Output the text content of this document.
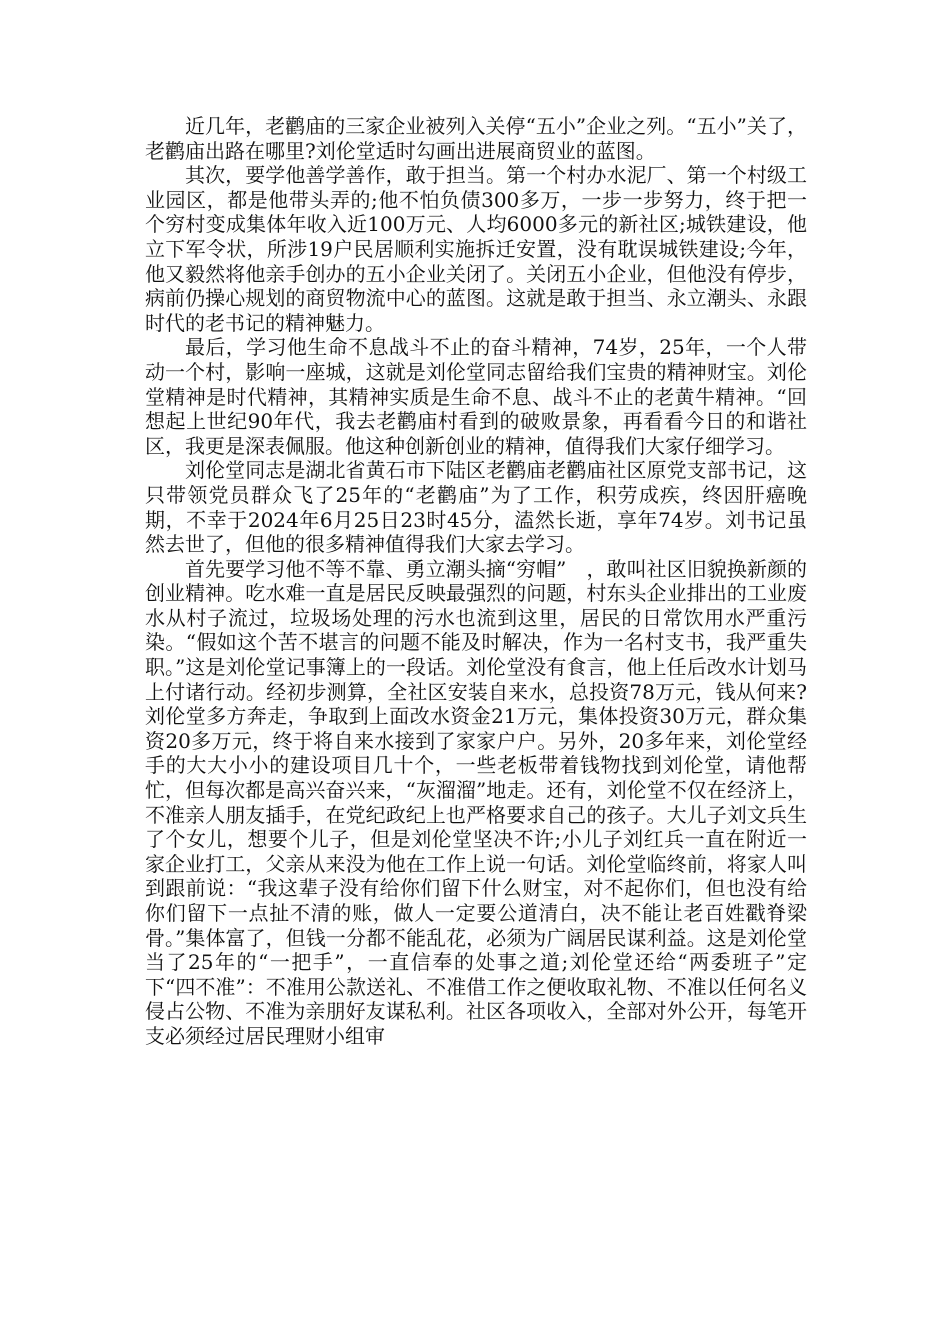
近几年，老鹳庙的三家企业被列入关停“五小”企业之列。“五小”关了，老鹳庙出路在哪里?刘伦堂适时勾画出进展商贸业的蓝图。

其次，要学他善学善作，敢于担当。第一个村办水泥厂、第一个村级工业园区，都是他带头弄的;他不怕负债300多万，一步一步努力，终于把一个穷村变成集体年收入近100万元、人均6000多元的新社区;城铁建设，他立下军令状，所涉19户民居顺利实施拆迁安置，没有耽误城铁建设;今年，他又毅然将他亲手创办的五小企业关闭了。关闭五小企业，但他没有停步，病前仍操心规划的商贸物流中心的蓝图。这就是敢于担当、永立潮头、永跟时代的老书记的精神魅力。

最后，学习他生命不息战斗不止的奋斗精神，74岁，25年，一个人带动一个村，影响一座城，这就是刘伦堂同志留给我们宝贵的精神财宝。刘伦堂精神是时代精神，其精神实质是生命不息、战斗不止的老黄牛精神。“回想起上世纪90年代，我去老鹳庙村看到的破败景象，再看看今日的和谐社区，我更是深表佩服。他这种创新创业的精神，值得我们大家仔细学习。

刘伦堂同志是湖北省黄石市下陆区老鹳庙老鹳庙社区原党支部书记，这只带领党员群众飞了25年的“老鹳庙”为了工作，积劳成疾，终因肝癌晚期，不幸于2024年6月25日23时45分，溘然长逝，享年74岁。刘书记虽然去世了，但他的很多精神值得我们大家去学习。

首先要学习他不等不靠、勇立潮头摘“穷帽”　，敢叫社区旧貌换新颜的创业精神。吃水难一直是居民反映最强烈的问题，村东头企业排出的工业废水从村子流过，垃圾场处理的污水也流到这里，居民的日常饮用水严重污染。“假如这个苦不堪言的问题不能及时解决，作为一名村支书，我严重失职。”这是刘伦堂记事簿上的一段话。刘伦堂没有食言，他上任后改水计划马上付诸行动。经初步测算，全社区安装自来水，总投资78万元，钱从何来?刘伦堂多方奔走，争取到上面改水资金21万元，集体投资30万元，群众集资20多万元，终于将自来水接到了家家户户。另外，20多年来，刘伦堂经手的大大小小的建设项目几十个，一些老板带着钱物找到刘伦堂，请他帮忙，但每次都是高兴奋兴来，“灰溜溜”地走。还有，刘伦堂不仅在经济上，不准亲人朋友插手，在党纪政纪上也严格要求自己的孩子。大儿子刘文兵生了个女儿，想要个儿子，但是刘伦堂坚决不许;小儿子刘红兵一直在附近一家企业打工，父亲从来没为他在工作上说一句话。刘伦堂临终前，将家人叫到跟前说：“我这辈子没有给你们留下什么财宝，对不起你们，但也没有给你们留下一点扯不清的账，做人一定要公道清白，决不能让老百姓戳脊梁骨。”集体富了，但钱一分都不能乱花，必须为广阔居民谋利益。这是刘伦堂当了25年的“一把手”，一直信奉的处事之道;刘伦堂还给“两委班子”定下“四不准”：不准用公款送礼、不准借工作之便收取礼物、不准以任何名义侵占公物、不准为亲朋好友谋私利。社区各项收入，全部对外公开，每笔开支必须经过居民理财小组审
